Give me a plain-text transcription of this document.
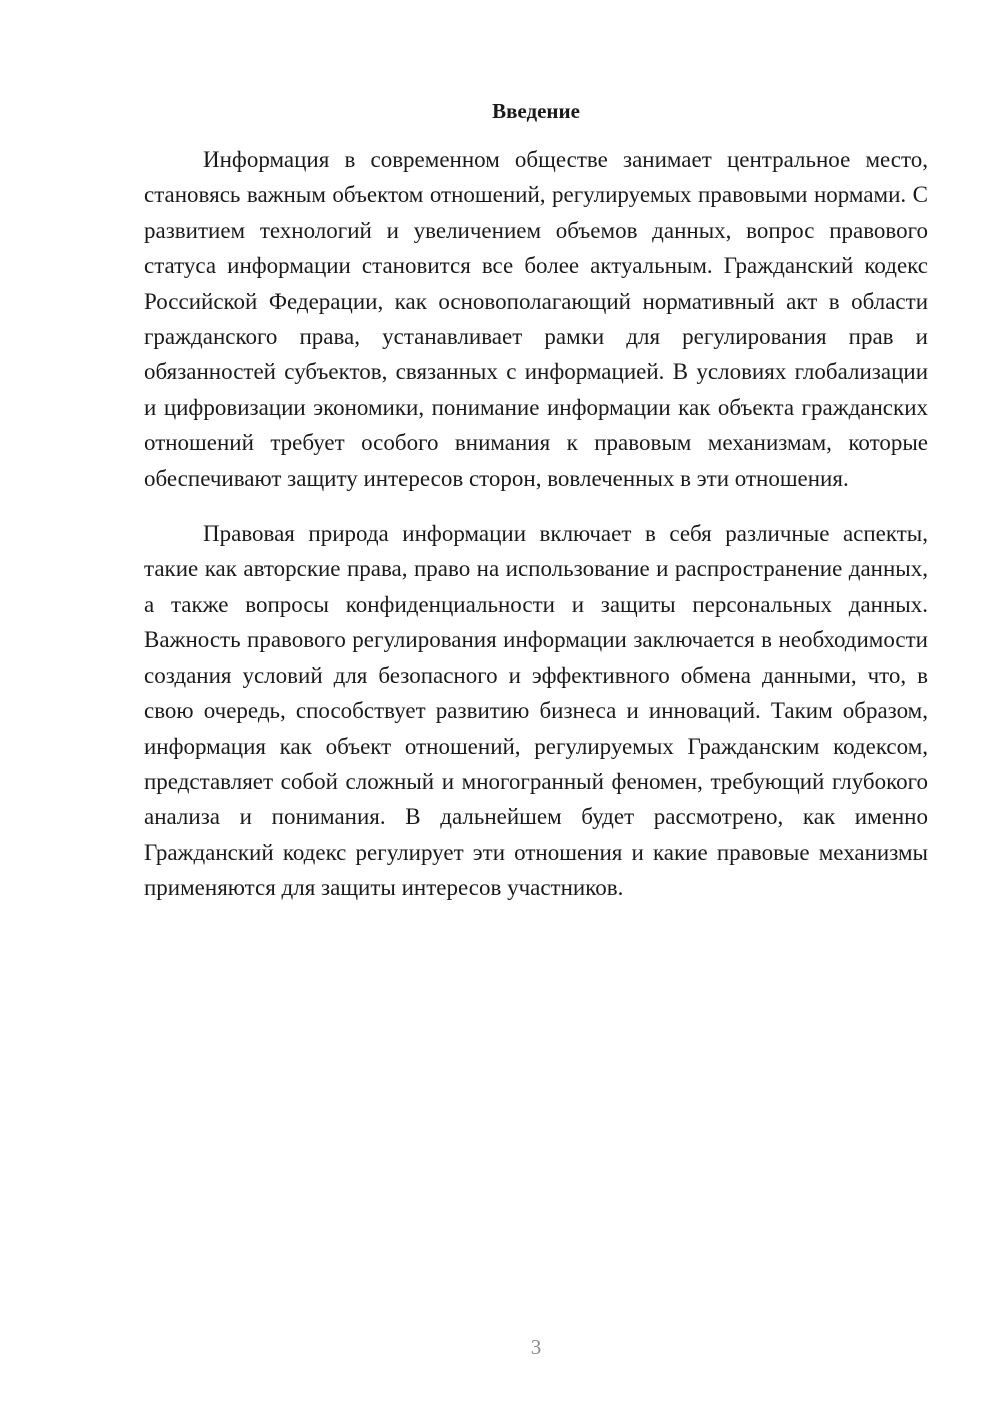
Введение

Информация в современном обществе занимает центральное место, становясь важным объектом отношений, регулируемых правовыми нормами. С развитием технологий и увеличением объемов данных, вопрос правового статуса информации становится все более актуальным. Гражданский кодекс Российской Федерации, как основополагающий нормативный акт в области гражданского права, устанавливает рамки для регулирования прав и обязанностей субъектов, связанных с информацией. В условиях глобализации и цифровизации экономики, понимание информации как объекта гражданских отношений требует особого внимания к правовым механизмам, которые обеспечивают защиту интересов сторон, вовлеченных в эти отношения.

Правовая природа информации включает в себя различные аспекты, такие как авторские права, право на использование и распространение данных, а также вопросы конфиденциальности и защиты персональных данных. Важность правового регулирования информации заключается в необходимости создания условий для безопасного и эффективного обмена данными, что, в свою очередь, способствует развитию бизнеса и инноваций. Таким образом, информация как объект отношений, регулируемых Гражданским кодексом, представляет собой сложный и многогранный феномен, требующий глубокого анализа и понимания. В дальнейшем будет рассмотрено, как именно Гражданский кодекс регулирует эти отношения и какие правовые механизмы применяются для защиты интересов участников.

3
